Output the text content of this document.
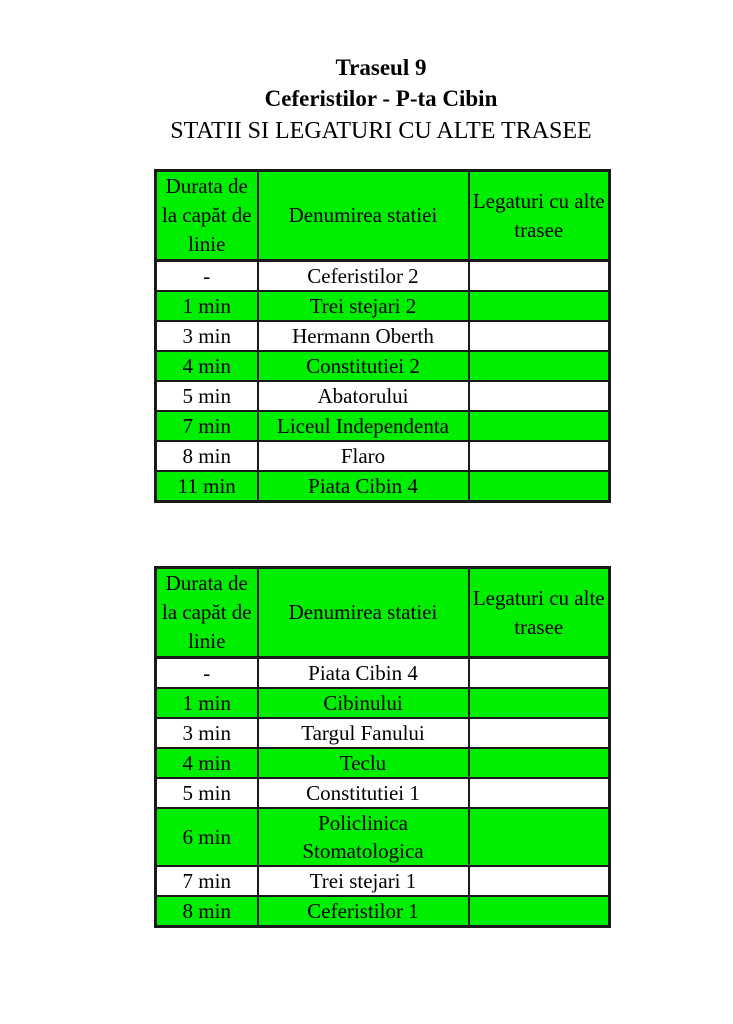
Traseul 9
Ceferistilor - P-ta Cibin
STATII SI LEGATURI CU ALTE TRASEE
Durata de la capăt de linie	Denumirea statiei	Legaturi cu alte trasee
-	Ceferistilor 2	
1 min	Trei stejari 2	
3 min	Hermann Oberth	
4 min	Constitutiei 2	
5 min	Abatorului	
7 min	Liceul Independenta	
8 min	Flaro	
11 min	Piata Cibin 4	
Durata de la capăt de linie	Denumirea statiei	Legaturi cu alte trasee
-	Piata Cibin 4	
1 min	Cibinului	
3 min	Targul Fanului	
4 min	Teclu	
5 min	Constitutiei 1	
6 min	Policlinica Stomatologica	
7 min	Trei stejari 1	
8 min	Ceferistilor 1	
